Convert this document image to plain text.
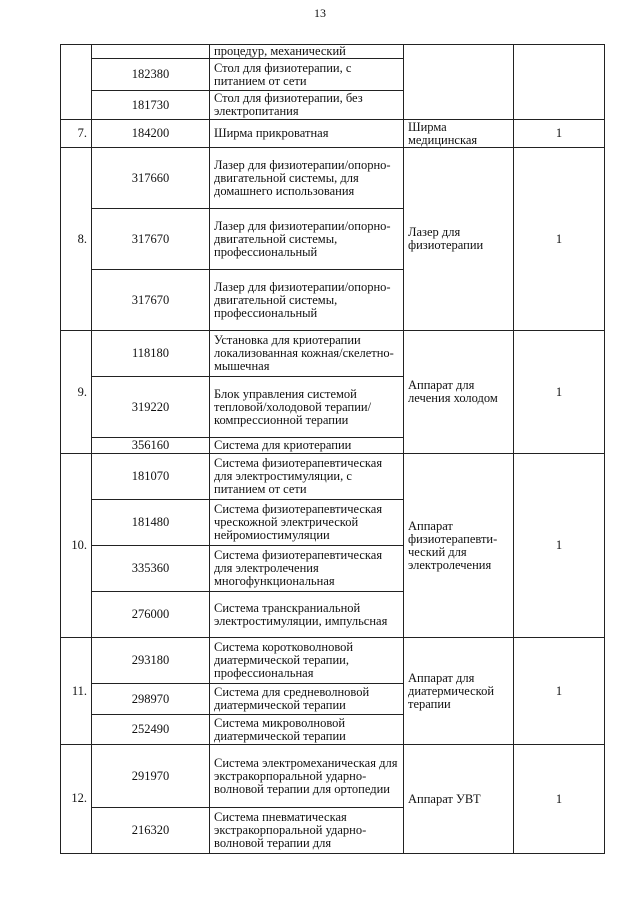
13
		процедур, механический		
	182380	Стол для физиотерапии, с питанием от сети		
	181730	Стол для физиотерапии, без электропитания		
7.	184200	Ширма прикроватная	Ширма медицинская	1
8.	317660	Лазер для физиотерапии/опорно-двигательной системы, для домашнего использования	Лазер для физиотерапии	1
	317670	Лазер для физиотерапии/опорно-двигательной системы, профессиональный		
	317670	Лазер для физиотерапии/опорно-двигательной системы, профессиональный		
9.	118180	Установка для криотерапии локализованная кожная/скелетно-мышечная	Аппарат для лечения холодом	1
	319220	Блок управления системой тепловой/холодовой терапии/компрессионной терапии		
	356160	Система для криотерапии		
10.	181070	Система физиотерапевтическая для электростимуляции, с питанием от сети	Аппарат физиотерапевти-ческий для электролечения	1
	181480	Система физиотерапевтическая чрескожной электрической нейромиостимуляции		
	335360	Система физиотерапевтическая для электролечения многофункциональная		
	276000	Система транскраниальной электростимуляции, импульсная		
11.	293180	Система коротковолновой диатермической терапии, профессиональная	Аппарат для диатермической терапии	1
	298970	Система для средневолновой диатермической терапии		
	252490	Система микроволновой диатермической терапии		
12.	291970	Система электромеханическая для экстракорпоральной ударно-волновой терапии для ортопедии	Аппарат УВТ	1
	216320	Система пневматическая экстракорпоральной ударно-волновой терапии для		
